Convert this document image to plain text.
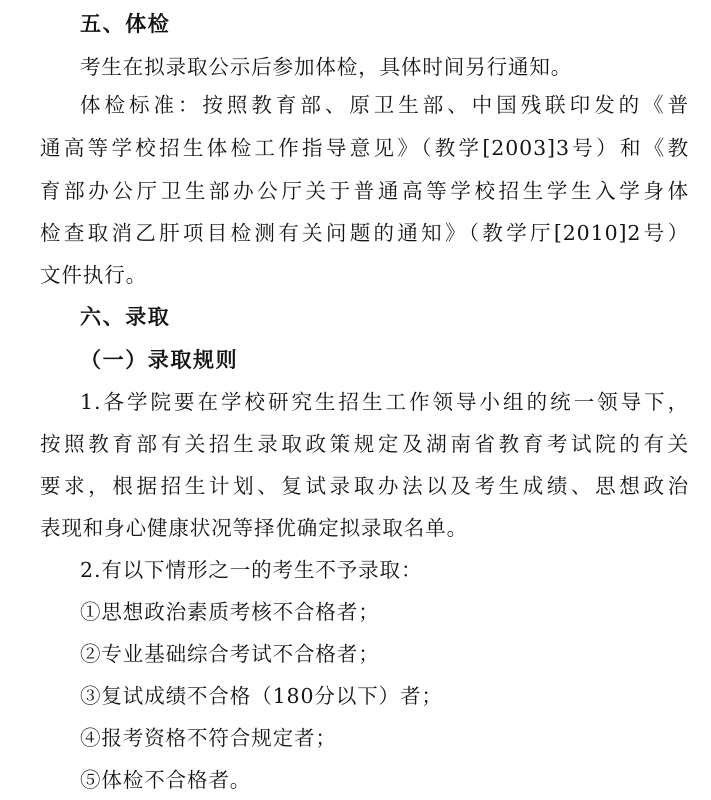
五、体检
考生在拟录取公示后参加体检，具体时间另行通知。
体检标准：按照教育部、原卫生部、中国残联印发的《普
通高等学校招生体检工作指导意见》（教学[2003]3号）和《教
育部办公厅卫生部办公厅关于普通高等学校招生学生入学身体
检查取消乙肝项目检测有关问题的通知》（教学厅[2010]2号）
文件执行。
六、录取
（一）录取规则
1.各学院要在学校研究生招生工作领导小组的统一领导下，
按照教育部有关招生录取政策规定及湖南省教育考试院的有关
要求，根据招生计划、复试录取办法以及考生成绩、思想政治
表现和身心健康状况等择优确定拟录取名单。
2.有以下情形之一的考生不予录取：
①思想政治素质考核不合格者；
②专业基础综合考试不合格者；
③复试成绩不合格（180分以下）者；
④报考资格不符合规定者；
⑤体检不合格者。
